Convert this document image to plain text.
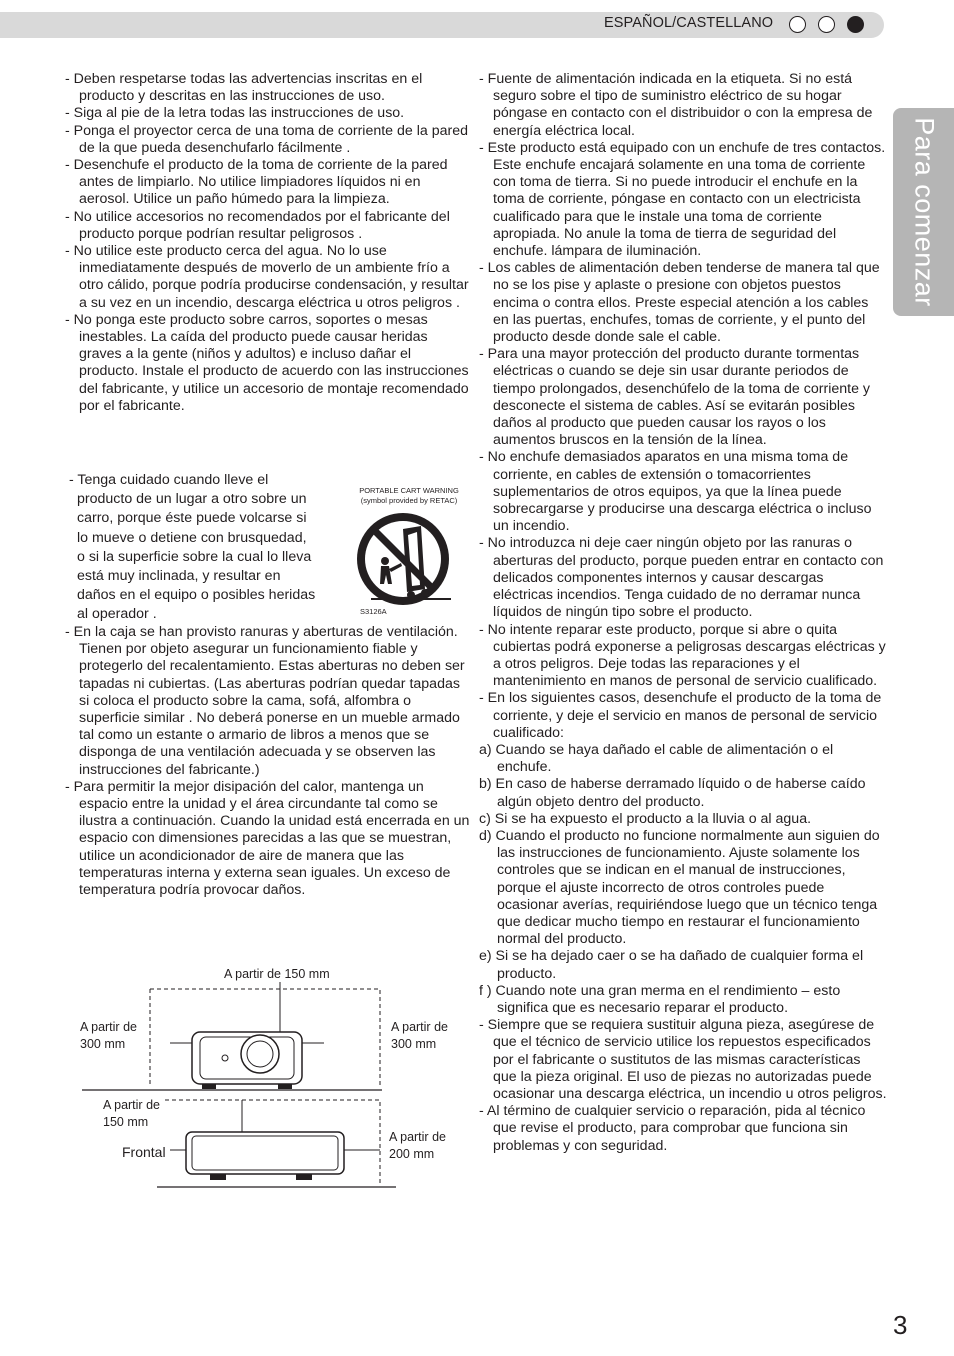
ESPAÑOL/CASTELLANO
Para comenzar

- Deben respetarse todas las advertencias inscritas en el producto y descritas en las instrucciones de uso.

- Siga al pie de la letra todas las instrucciones de uso.

- Ponga el proyector cerca de una toma de corriente de la pared de la que pueda desenchufarlo fácilmente .

- Desenchufe el producto de la toma de corriente de la pared antes de limpiarlo. No utilice limpiadores líquidos ni en aerosol. Utilice un paño húmedo para la limpieza.

- No utilice accesorios no recomendados por el fabricante del producto porque podrían resultar peligrosos .

- No utilice este producto cerca del agua. No lo use inmediatamente después de moverlo de un ambiente frío a otro cálido, porque podría producirse condensación, y resultar a su vez en un incendio, descarga eléctrica u otros peligros .

- No ponga este producto sobre carros, soportes o mesas inestables. La caída del producto puede causar heridas graves a la gente (niños y adultos) e incluso dañar el producto. Instale el producto de acuerdo con las instrucciones del fabricante, y utilice un accesorio de montaje recomendado por el fabricante.

- Tenga cuidado cuando lleve el
producto de un lugar a otro sobre un
carro, porque éste puede volcarse si
lo mueve o detiene con brusquedad,
o si la superficie sobre la cual lo lleva
está muy inclinada, y resultar en
daños en el equipo o posibles heridas
al operador .
PORTABLE CART WARNING
(symbol provided by RETAC)
S3126A

- En la caja se han provisto ranuras y aberturas de ventilación. Tienen por objeto asegurar un funcionamiento fiable y protegerlo del recalentamiento. Estas aberturas no deben ser tapadas ni cubiertas. (Las aberturas podrían quedar tapadas si coloca el producto sobre la cama, sofá, alfombra o superficie similar . No deberá ponerse en un mueble armado tal como un estante o armario de libros a menos que se disponga de una ventilación adecuada y se observen las instrucciones del fabricante.)

- Para permitir la mejor disipación del calor, mantenga un espacio entre la unidad y el área circundante tal como se ilustra a continuación. Cuando la unidad está encerrada en un espacio con dimensiones parecidas a las que se muestran, utilice un acondicionador de aire de manera que las temperaturas interna y externa sean iguales. Un exceso de temperatura podría provocar daños.

A partir de 150 mm
A partir de
300 mm
A partir de
300 mm
A partir de
150 mm
Frontal
A partir de
200 mm

- Fuente de alimentación indicada en la etiqueta. Si no está seguro sobre el tipo de suministro eléctrico de su hogar póngase en contacto con el distribuidor o con la empresa de energía eléctrica local.

- Este producto está equipado con un enchufe de tres contactos. Este enchufe encajará solamente en una toma de corriente con toma de tierra. Si no puede introducir el enchufe en la toma de corriente, póngase en contacto con un electricista cualificado para que le instale una toma de corriente apropiada. No anule la toma de tierra de seguridad del enchufe. lámpara de iluminación.

- Los cables de alimentación deben tenderse de manera tal que no se los pise y aplaste o presione con objetos puestos encima o contra ellos. Preste especial atención a los cables en las puertas, enchufes, tomas de corriente, y el punto del producto desde donde sale el cable.

- Para una mayor protección del producto durante tormentas eléctricas o cuando se deje sin usar durante periodos de tiempo prolongados, desenchúfelo de la toma de corriente y desconecte el sistema de cables. Así se evitarán posibles daños al producto que pueden causar los rayos o los aumentos bruscos en la tensión de la línea.

- No enchufe demasiados aparatos en una misma toma de corriente, en cables de extensión o tomacorrientes suplementarios de otros equipos, ya que la línea puede sobrecargarse y producirse una descarga eléctrica o incluso un incendio.

- No introduzca ni deje caer ningún objeto por las ranuras o aberturas del producto, porque pueden entrar en contacto con delicados componentes internos y causar descargas eléctricas incendios. Tenga cuidado de no derramar nunca líquidos de ningún tipo sobre el producto.

- No intente reparar este producto, porque si abre o quita cubiertas podrá exponerse a peligrosas descargas eléctricas y a otros peligros. Deje todas las reparaciones y el mantenimiento en manos de personal de servicio cualificado.

- En los siguientes casos, desenchufe el producto de la toma de corriente, y deje el servicio en manos de personal de servicio cualificado:

a) Cuando se haya dañado el cable de alimentación o el enchufe.

b) En caso de haberse derramado líquido o de haberse caído algún objeto dentro del producto.

c) Si se ha expuesto el producto a la lluvia o al agua.

d) Cuando el producto no funcione normalmente aun siguien do las instrucciones de funcionamiento. Ajuste solamente los controles que se indican en el manual de instrucciones, porque el ajuste incorrecto de otros controles puede ocasionar averías, requiriéndose luego que un técnico tenga que dedicar mucho tiempo en restaurar el funcionamiento normal del producto.

e) Si se ha dejado caer o se ha dañado de cualquier forma el producto.

f ) Cuando note una gran merma en el rendimiento – esto significa que es necesario reparar el producto.

- Siempre que se requiera sustituir alguna pieza, asegúrese de que el técnico de servicio utilice los repuestos especificados por el fabricante o sustitutos de las mismas características que la pieza original. El uso de piezas no autorizadas puede ocasionar una descarga eléctrica, un incendio u otros peligros.

- Al término de cualquier servicio o reparación, pida al técnico que revise el producto, para comprobar que funciona sin problemas y con seguridad.

3
